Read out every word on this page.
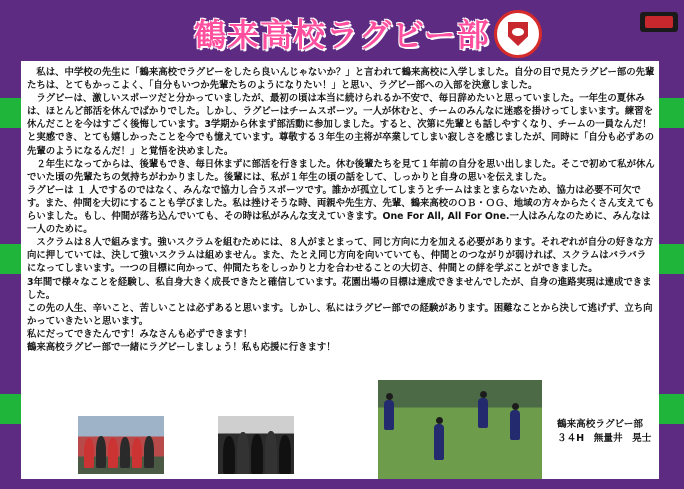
鶴来高校ラグビー部

　私は、中学校の先生に「鶴来高校でラグビーをしたら良いんじゃないか？」と言われて鶴来高校に入学しました。自分の目で見たラグビー部の先輩たちは、とてもかっこよく、「自分もいつか先輩たちのようになりたい！」と思い、ラグビー部への入部を決意しました。

　ラグビーは、激しいスポーツだと分かっていましたが、最初の頃は本当に続けられるか不安で、毎日辞めたいと思っていました。一年生の夏休みは、ほとんど部活を休んでばかりでした。しかし、ラグビーはチームスポーツ。一人が休むと、チームのみんなに迷惑を掛けってしまいます。練習を休んだことを今はすごく後悔しています。3学期から休まず部活動に参加しました。すると、次第に先輩とも話しやすくなり、チームの一員なんだ！と実感でき、とても嬉しかったことを今でも憶えています。尊敬する３年生の主将が卒業してしまい寂しさを感じましたが、同時に「自分も必ずあの先輩のようになるんだ！」と覚悟を決めました。

　２年生になってからは、後輩もでき、毎日休まずに部活を行きました。休む後輩たちを見て１年前の自分を思い出しました。そこで初めて私が休んでいた頃の先輩たちの気持ちがわかりました。後輩には、私が１年生の頃の話をして、しっかりと自身の思いを伝えました。

ラグビーは １ 人でするのではなく、みんなで協力し合うスポーツです。誰かが孤立してしまうとチームはまとまらないため、協力は必要不可欠です。また、仲間を大切にすることも学びました。私は挫けそうな時、両親や先生方、先輩、鶴来高校のＯＢ・ＯＧ、地域の方々からたくさん支えてもらいました。もし、仲間が落ち込んでいても、その時は私がみんな支えていきます。One For All, All For One.一人はみんなのために、みんなは一人のために。

　スクラムは８人で組みます。強いスクラムを組むためには、８人がまとまって、同じ方向に力を加える必要があります。それぞれが自分の好きな方向に押していては、決して強いスクラムは組めません。また、たとえ同じ方向を向いていても、仲間とのつながりが弱ければ、スクラムはバラバラになってしまいます。一つの目標に向かって、仲間たちをしっかりと力を合わせることの大切さ、仲間との絆を学ぶことができました。

3年間で様々なことを経験し、私自身大きく成長できたと確信しています。花園出場の目標は達成できませんでしたが、自身の進路実現は達成できました。

この先の人生、辛いこと、苦しいことは必ずあると思います。しかし、私にはラグビー部での経験があります。困難なことから決して逃げず、立ち向かっていきたいと思います。

私にだってできたんです！みなさんも必ずできます！

鶴来高校ラグビー部で一緒にラグビーしましょう！私も応援に行きます！

鶴来高校ラグビー部
３４H　無量井　晃士
